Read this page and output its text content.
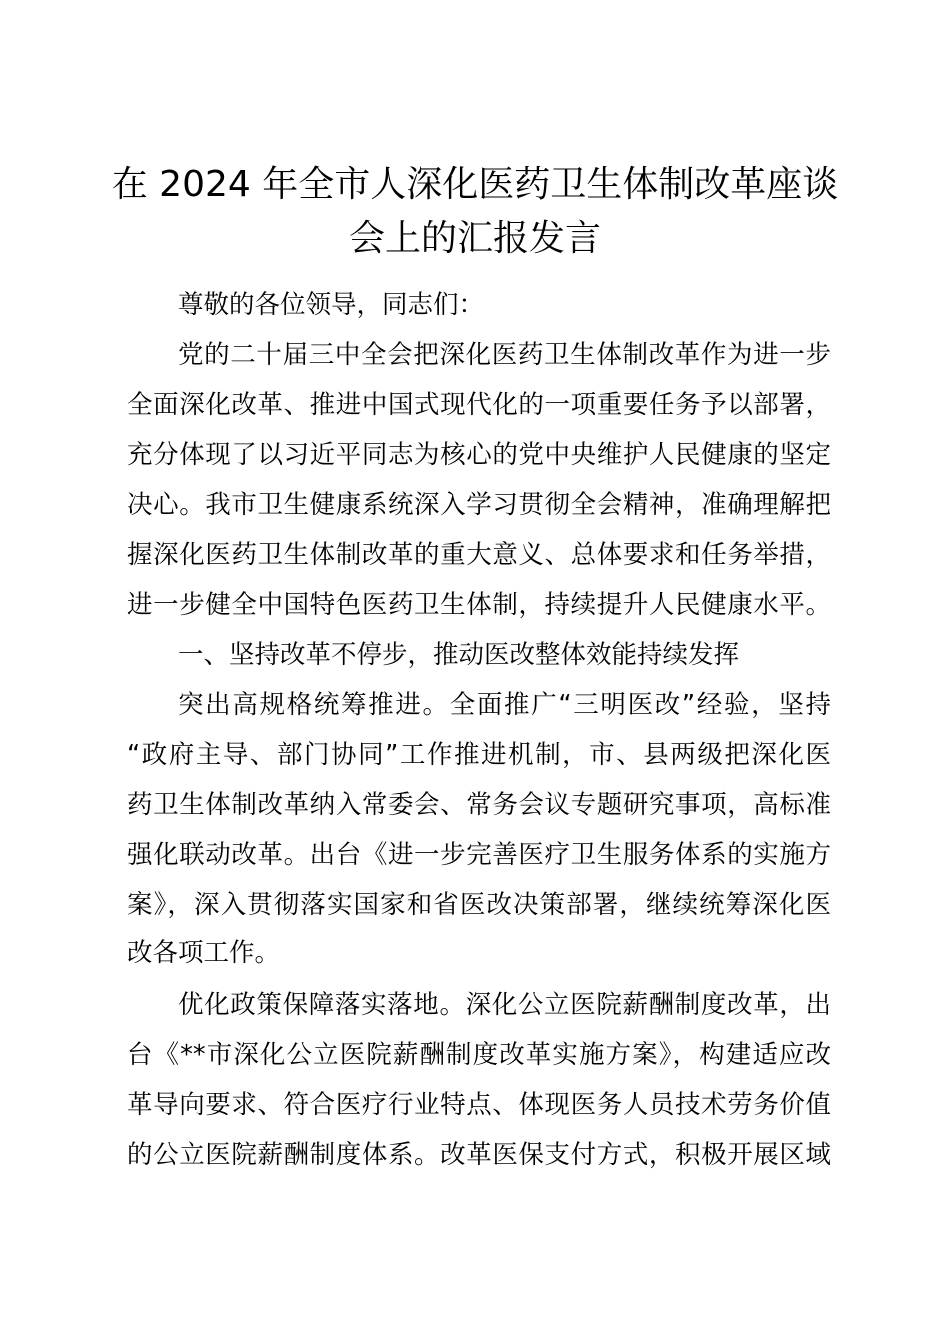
在 2024 年全市人深化医药卫生体制改革座谈
会上的汇报发言
尊敬的各位领导，同志们：
党的二十届三中全会把深化医药卫生体制改革作为进一步
全面深化改革、推进中国式现代化的一项重要任务予以部署，
充分体现了以习近平同志为核心的党中央维护人民健康的坚定
决心。我市卫生健康系统深入学习贯彻全会精神，准确理解把
握深化医药卫生体制改革的重大意义、总体要求和任务举措，
进一步健全中国特色医药卫生体制，持续提升人民健康水平。
一、坚持改革不停步，推动医改整体效能持续发挥
突出高规格统筹推进。全面推广“三明医改”经验，坚持
“政府主导、部门协同”工作推进机制，市、县两级把深化医
药卫生体制改革纳入常委会、常务会议专题研究事项，高标准
强化联动改革。出台《进一步完善医疗卫生服务体系的实施方
案》，深入贯彻落实国家和省医改决策部署，继续统筹深化医
改各项工作。
优化政策保障落实落地。深化公立医院薪酬制度改革，出
台《**市深化公立医院薪酬制度改革实施方案》，构建适应改
革导向要求、符合医疗行业特点、体现医务人员技术劳务价值
的公立医院薪酬制度体系。改革医保支付方式，积极开展区域
